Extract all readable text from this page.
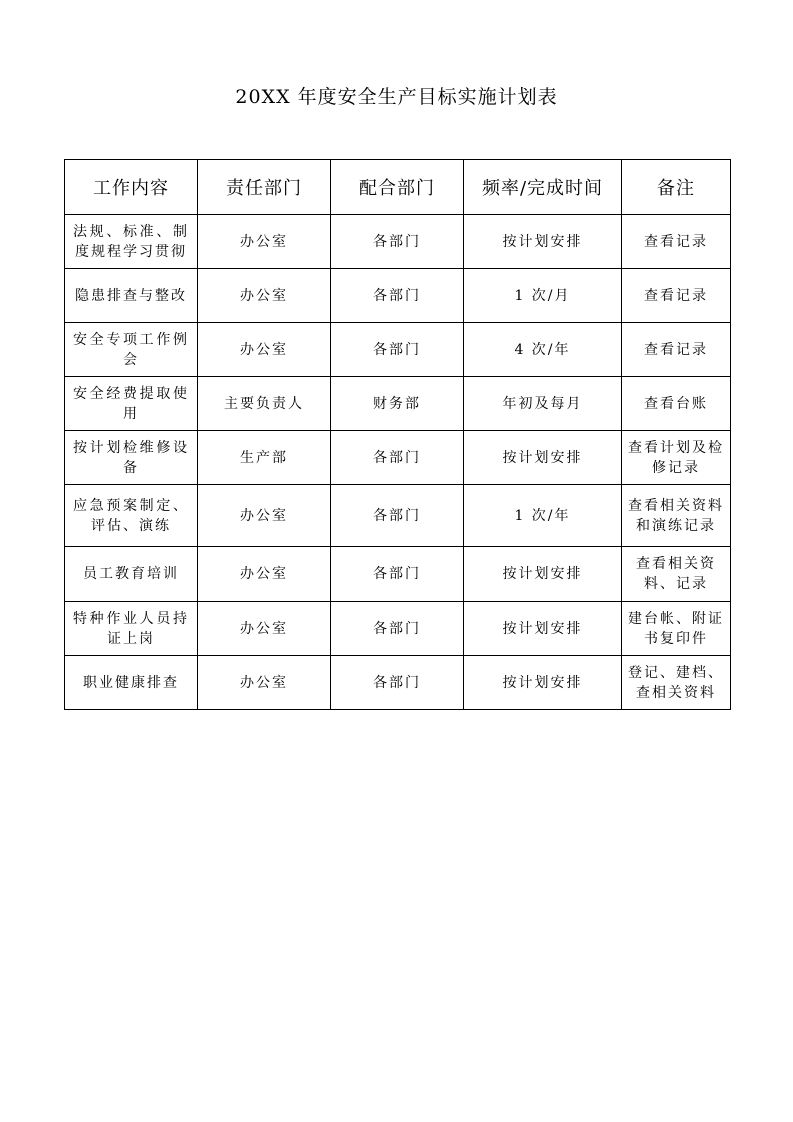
20XX 年度安全生产目标实施计划表
工作内容	责任部门	配合部门	频率/完成时间	备注
法规、标准、制度规程学习贯彻	办公室	各部门	按计划安排	查看记录
隐患排查与整改	办公室	各部门	1 次/月	查看记录
安全专项工作例会	办公室	各部门	4 次/年	查看记录
安全经费提取使用	主要负责人	财务部	年初及每月	查看台账
按计划检维修设备	生产部	各部门	按计划安排	查看计划及检修记录
应急预案制定、评估、演练	办公室	各部门	1 次/年	查看相关资料和演练记录
员工教育培训	办公室	各部门	按计划安排	查看相关资料、记录
特种作业人员持证上岗	办公室	各部门	按计划安排	建台帐、附证书复印件
职业健康排查	办公室	各部门	按计划安排	登记、建档、查相关资料
